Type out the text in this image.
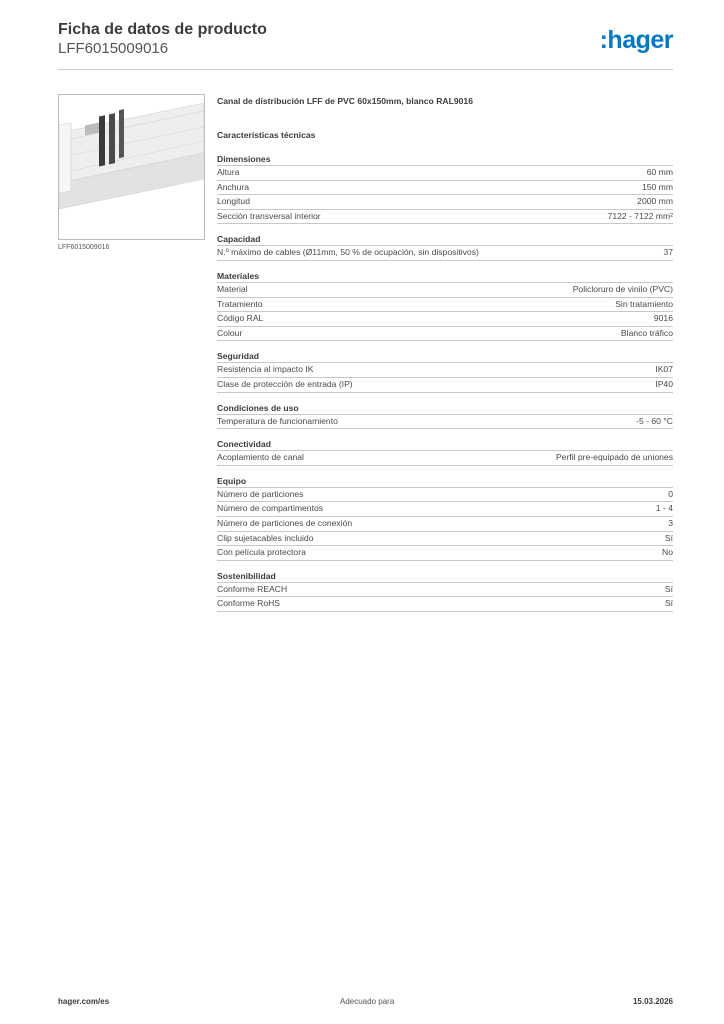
Ficha de datos de producto
LFF6015009016	:hager
LFF6015009016
Canal de distribución LFF de PVC 60x150mm, blanco RAL9016
Características técnicas
Dimensiones
Altura	60 mm
Anchura	150 mm
Longitud	2000 mm
Sección transversal interior	7122 - 7122 mm²
Capacidad
N.º máximo de cables (Ø11mm, 50 % de ocupación, sin dispositivos)	37
Materiales
Material	Policloruro de vinilo (PVC)
Tratamiento	Sin tratamiento
Código RAL	9016
Colour	Blanco tráfico
Seguridad
Resistencia al impacto IK	IK07
Clase de protección de entrada (IP)	IP40
Condiciones de uso
Temperatura de funcionamiento	-5 - 60 °C
Conectividad
Acoplamiento de canal	Perfil pre-equipado de uniones
Equipo
Número de particiones	0
Número de compartimentos	1 - 4
Número de particiones de conexión	3
Clip sujetacables incluido	Sí
Con película protectora	No
Sostenibilidad
Conforme REACH	Sí
Conforme RoHS	Sí
hager.com/es	Adecuado para	15.03.2026
